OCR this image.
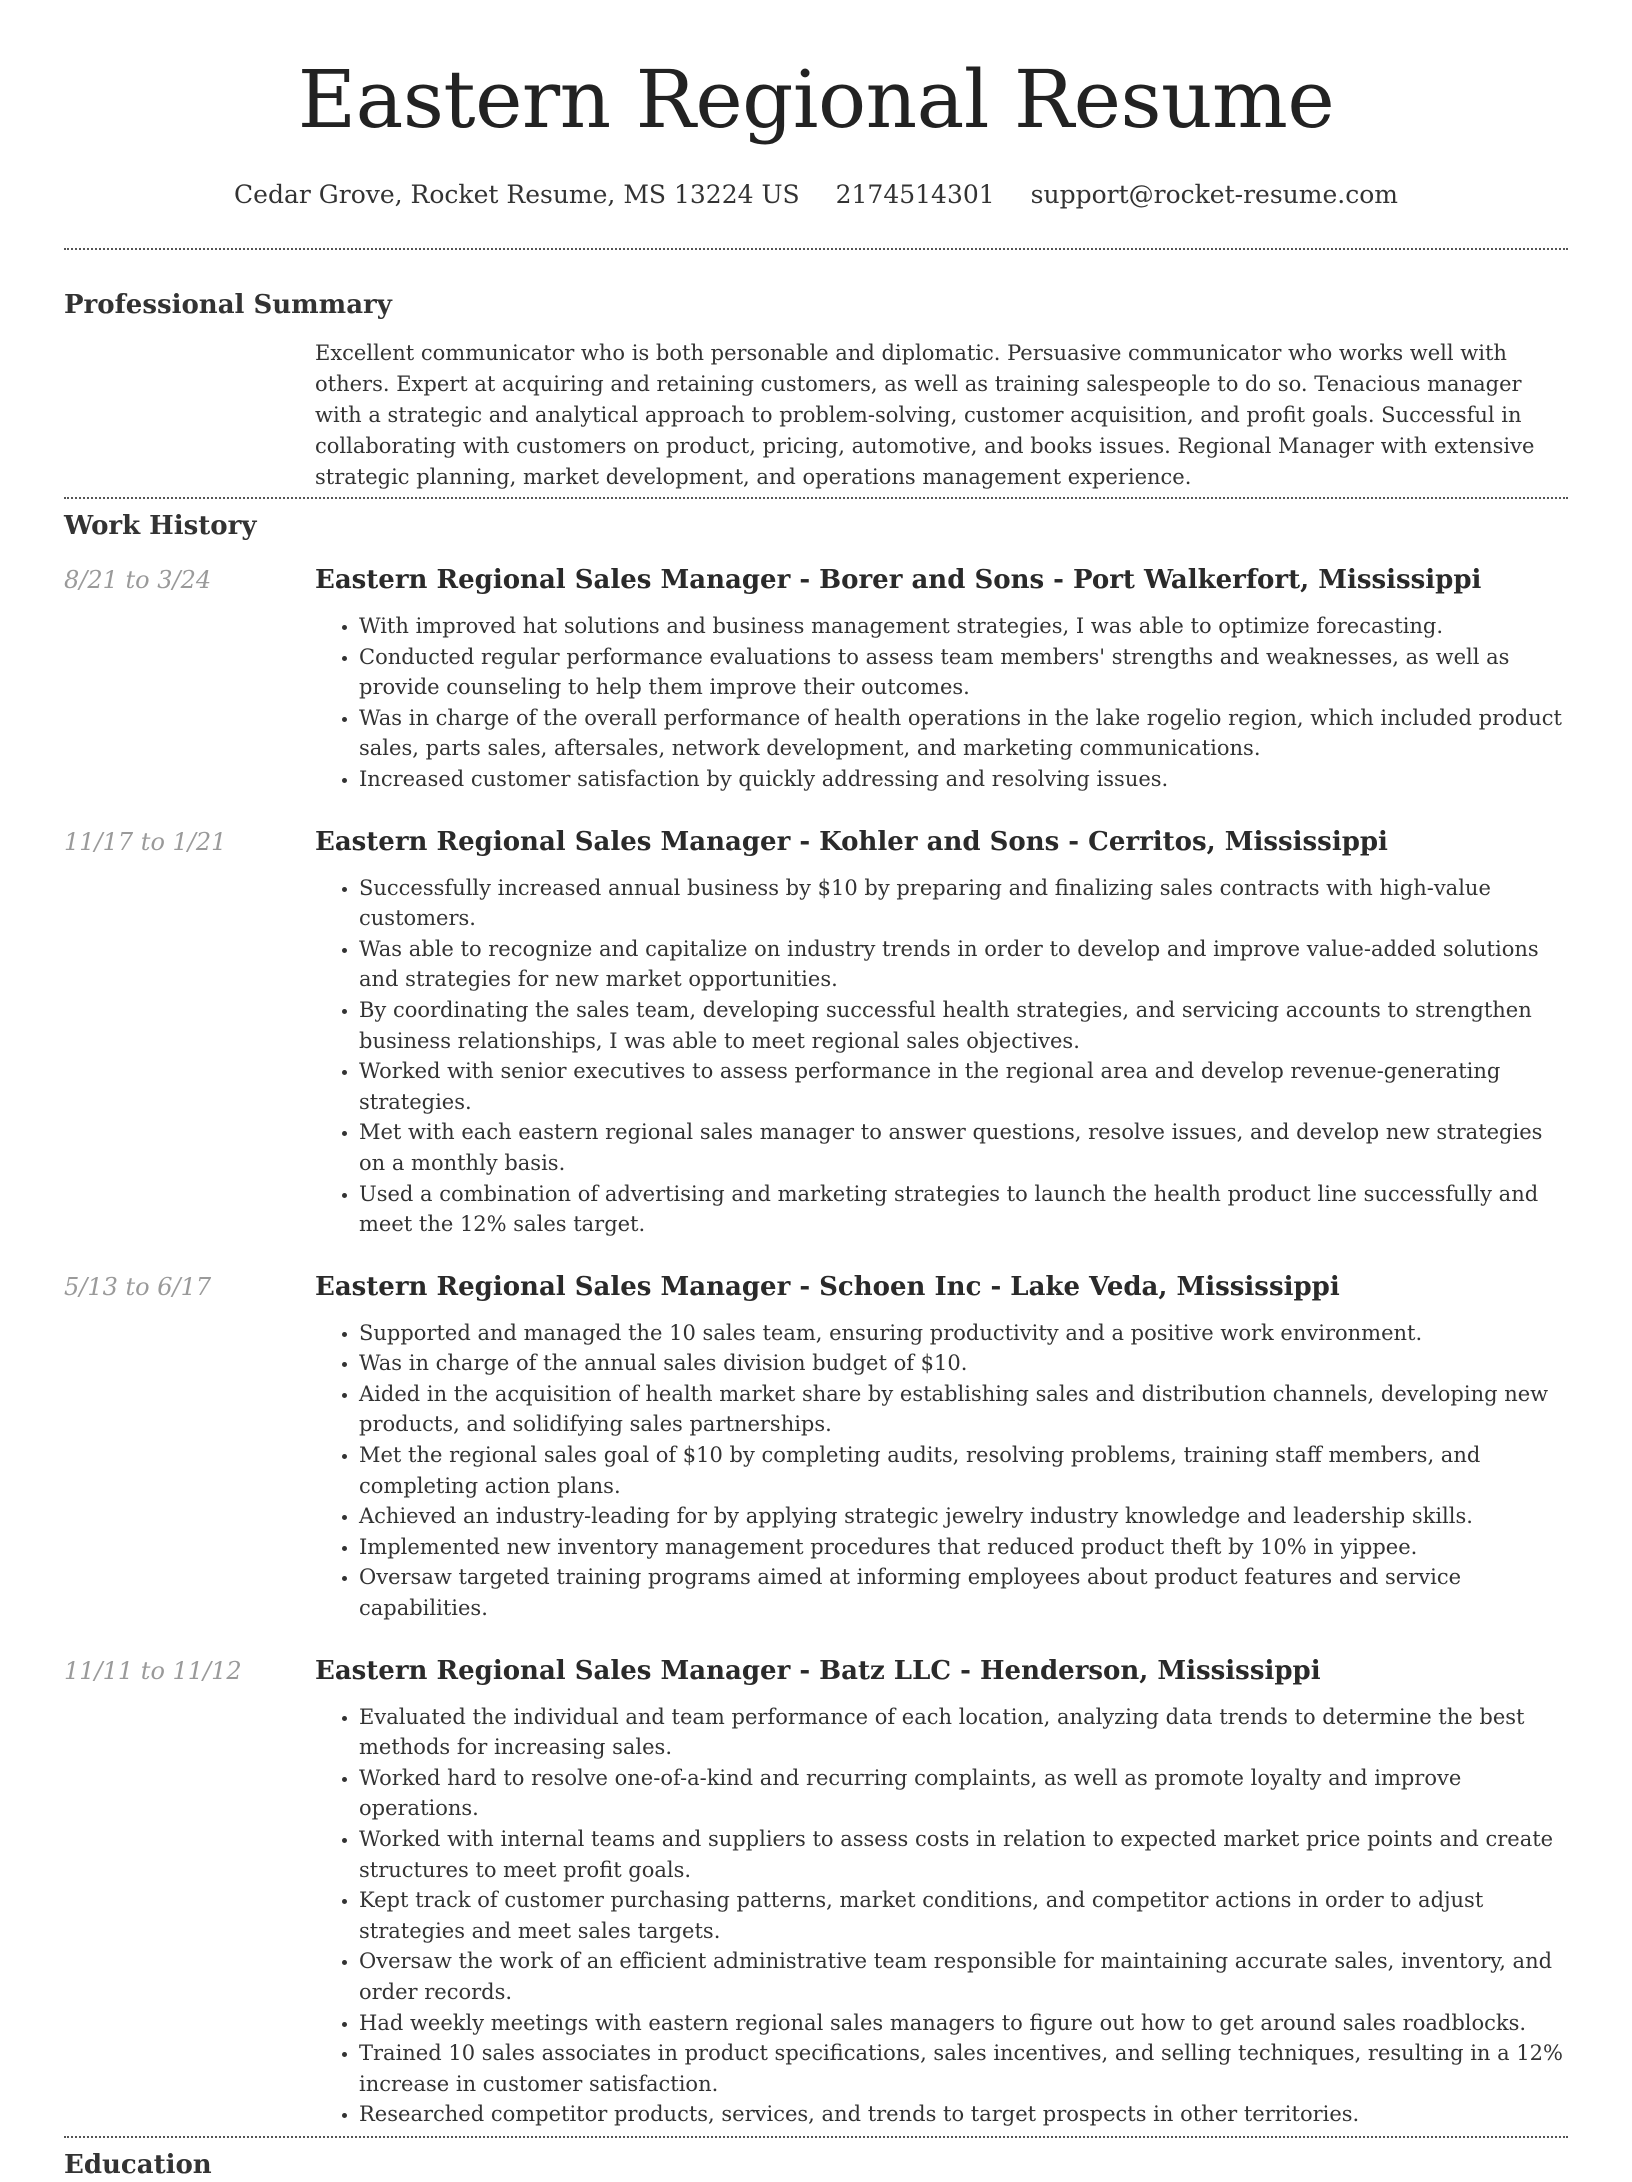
Eastern Regional Resume
Cedar Grove, Rocket Resume, MS 13224 US 2174514301 support@rocket-resume.com
Professional Summary

Excellent communicator who is both personable and diplomatic. Persuasive communicator who works well with others. Expert at acquiring and retaining customers, as well as training salespeople to do so. Tenacious manager with a strategic and analytical approach to problem-solving, customer acquisition, and profit goals. Successful in collaborating with customers on product, pricing, automotive, and books issues. Regional Manager with extensive strategic planning, market development, and operations management experience.

Work History
8/21 to 3/24	Eastern Regional Sales Manager - Borer and Sons - Port Walkerfort, Mississippi
• With improved hat solutions and business management strategies, I was able to optimize forecasting.
• Conducted regular performance evaluations to assess team members' strengths and weaknesses, as well as provide counseling to help them improve their outcomes.
• Was in charge of the overall performance of health operations in the lake rogelio region, which included product sales, parts sales, aftersales, network development, and marketing communications.
• Increased customer satisfaction by quickly addressing and resolving issues.
11/17 to 1/21	Eastern Regional Sales Manager - Kohler and Sons - Cerritos, Mississippi
• Successfully increased annual business by $10 by preparing and finalizing sales contracts with high-value customers.
• Was able to recognize and capitalize on industry trends in order to develop and improve value-added solutions and strategies for new market opportunities.
• By coordinating the sales team, developing successful health strategies, and servicing accounts to strengthen business relationships, I was able to meet regional sales objectives.
• Worked with senior executives to assess performance in the regional area and develop revenue-generating strategies.
• Met with each eastern regional sales manager to answer questions, resolve issues, and develop new strategies on a monthly basis.
• Used a combination of advertising and marketing strategies to launch the health product line successfully and meet the 12% sales target.
5/13 to 6/17	Eastern Regional Sales Manager - Schoen Inc - Lake Veda, Mississippi
• Supported and managed the 10 sales team, ensuring productivity and a positive work environment.
• Was in charge of the annual sales division budget of $10.
• Aided in the acquisition of health market share by establishing sales and distribution channels, developing new products, and solidifying sales partnerships.
• Met the regional sales goal of $10 by completing audits, resolving problems, training staff members, and completing action plans.
• Achieved an industry-leading for by applying strategic jewelry industry knowledge and leadership skills.
• Implemented new inventory management procedures that reduced product theft by 10% in yippee.
• Oversaw targeted training programs aimed at informing employees about product features and service capabilities.
11/11 to 11/12	Eastern Regional Sales Manager - Batz LLC - Henderson, Mississippi
• Evaluated the individual and team performance of each location, analyzing data trends to determine the best methods for increasing sales.
• Worked hard to resolve one-of-a-kind and recurring complaints, as well as promote loyalty and improve operations.
• Worked with internal teams and suppliers to assess costs in relation to expected market price points and create structures to meet profit goals.
• Kept track of customer purchasing patterns, market conditions, and competitor actions in order to adjust strategies and meet sales targets.
• Oversaw the work of an efficient administrative team responsible for maintaining accurate sales, inventory, and order records.
• Had weekly meetings with eastern regional sales managers to figure out how to get around sales roadblocks.
• Trained 10 sales associates in product specifications, sales incentives, and selling techniques, resulting in a 12% increase in customer satisfaction.
• Researched competitor products, services, and trends to target prospects in other territories.
Education
